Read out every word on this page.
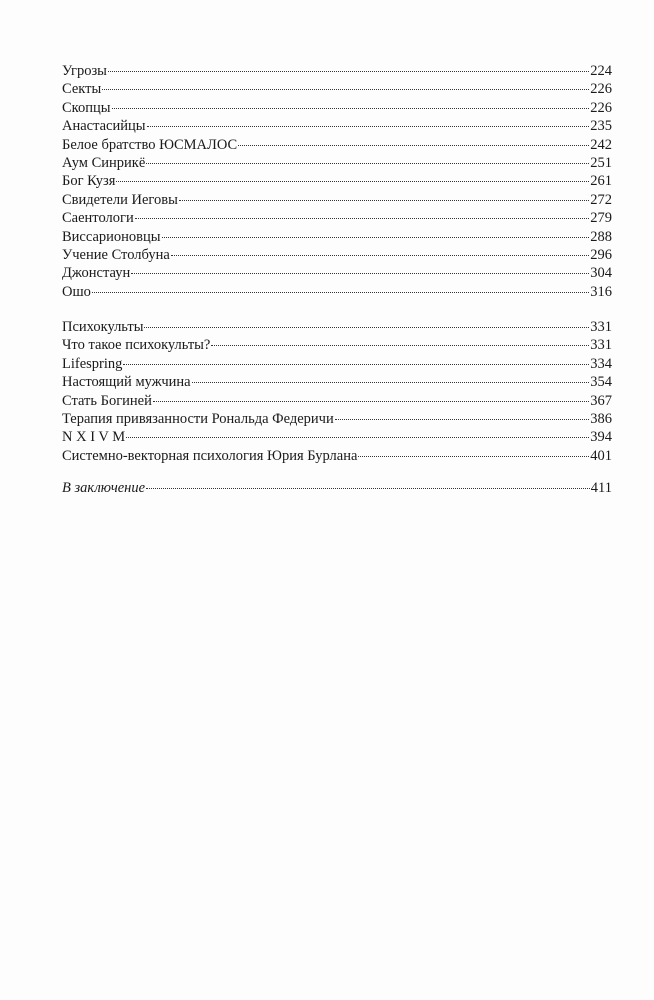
Угрозы	224
Секты	226
Скопцы	226
Анастасийцы	235
Белое братство ЮСМАЛОС	242
Аум Синрикё	251
Бог Кузя	261
Свидетели Иеговы	272
Саентологи	279
Виссарионовцы	288
Учение Столбуна	296
Джонстаун	304
Ошо	316
Психокульты	331
Что такое психокульты?	331
Lifespring	334
Настоящий мужчина	354
Стать Богиней	367
Терапия привязанности Рональда Федеричи	386
N X I V M	394
Системно-векторная психология Юрия Бурлана	401
В заключение	411
